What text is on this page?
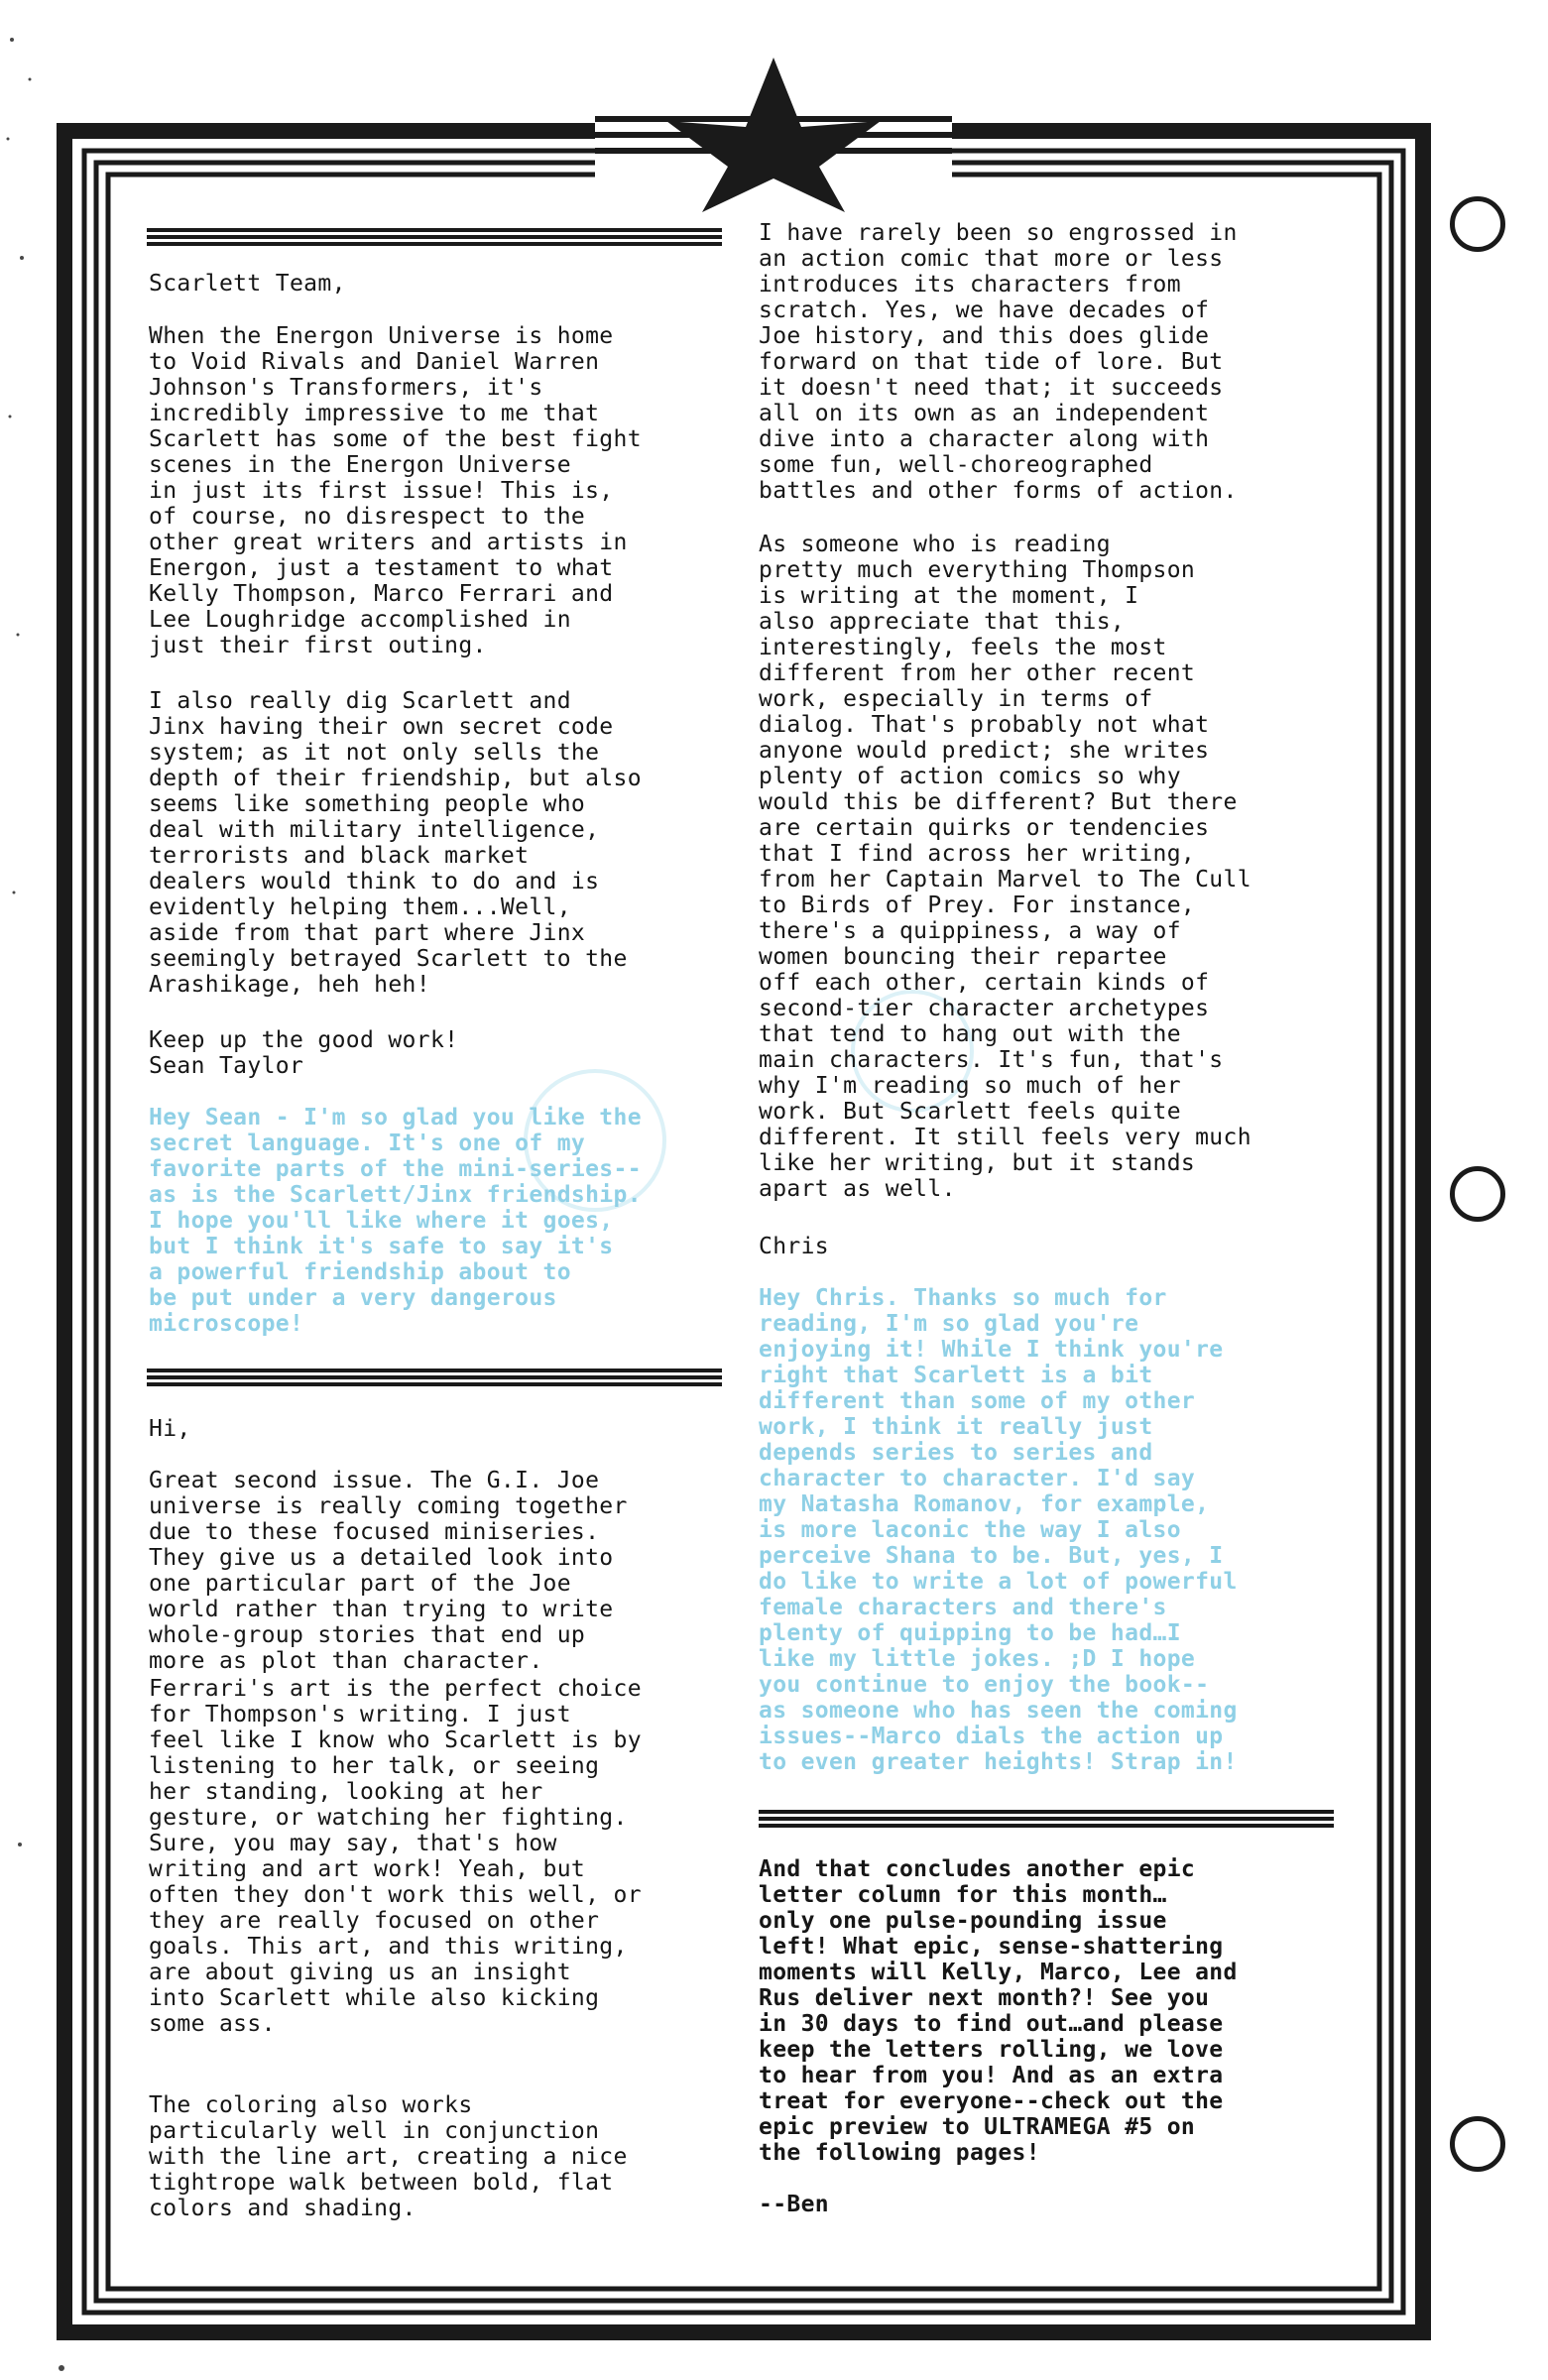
Scarlett Team,
When the Energon Universe is home
to Void Rivals and Daniel Warren
Johnson's Transformers, it's
incredibly impressive to me that
Scarlett has some of the best fight
scenes in the Energon Universe
in just its first issue! This is,
of course, no disrespect to the
other great writers and artists in
Energon, just a testament to what
Kelly Thompson, Marco Ferrari and
Lee Loughridge accomplished in
just their first outing.
I also really dig Scarlett and
Jinx having their own secret code
system; as it not only sells the
depth of their friendship, but also
seems like something people who
deal with military intelligence,
terrorists and black market
dealers would think to do and is
evidently helping them...Well,
aside from that part where Jinx
seemingly betrayed Scarlett to the
Arashikage, heh heh!
Keep up the good work!
Sean Taylor
Hey Sean - I'm so glad you like the
secret language. It's one of my
favorite parts of the mini-series--
as is the Scarlett/Jinx friendship.
I hope you'll like where it goes,
but I think it's safe to say it's
a powerful friendship about to
be put under a very dangerous
microscope!
Hi,
Great second issue. The G.I. Joe
universe is really coming together
due to these focused miniseries.
They give us a detailed look into
one particular part of the Joe
world rather than trying to write
whole-group stories that end up
more as plot than character.
Ferrari's art is the perfect choice
for Thompson's writing. I just
feel like I know who Scarlett is by
listening to her talk, or seeing
her standing, looking at her
gesture, or watching her fighting.
Sure, you may say, that's how
writing and art work! Yeah, but
often they don't work this well, or
they are really focused on other
goals. This art, and this writing,
are about giving us an insight
into Scarlett while also kicking
some ass.
The coloring also works
particularly well in conjunction
with the line art, creating a nice
tightrope walk between bold, flat
colors and shading.
I have rarely been so engrossed in
an action comic that more or less
introduces its characters from
scratch. Yes, we have decades of
Joe history, and this does glide
forward on that tide of lore. But
it doesn't need that; it succeeds
all on its own as an independent
dive into a character along with
some fun, well-choreographed
battles and other forms of action.
As someone who is reading
pretty much everything Thompson
is writing at the moment, I
also appreciate that this,
interestingly, feels the most
different from her other recent
work, especially in terms of
dialog. That's probably not what
anyone would predict; she writes
plenty of action comics so why
would this be different? But there
are certain quirks or tendencies
that I find across her writing,
from her Captain Marvel to The Cull
to Birds of Prey. For instance,
there's a quippiness, a way of
women bouncing their repartee
off each other, certain kinds of
second-tier character archetypes
that tend to hang out with the
main characters. It's fun, that's
why I'm reading so much of her
work. But Scarlett feels quite
different. It still feels very much
like her writing, but it stands
apart as well.
Chris
Hey Chris. Thanks so much for
reading, I'm so glad you're
enjoying it! While I think you're
right that Scarlett is a bit
different than some of my other
work, I think it really just
depends series to series and
character to character. I'd say
my Natasha Romanov, for example,
is more laconic the way I also
perceive Shana to be. But, yes, I
do like to write a lot of powerful
female characters and there's
plenty of quipping to be had…I
like my little jokes. ;D I hope
you continue to enjoy the book--
as someone who has seen the coming
issues--Marco dials the action up
to even greater heights! Strap in!
And that concludes another epic
letter column for this month…
only one pulse-pounding issue
left! What epic, sense-shattering
moments will Kelly, Marco, Lee and
Rus deliver next month?! See you
in 30 days to find out…and please
keep the letters rolling, we love
to hear from you! And as an extra
treat for everyone--check out the
epic preview to ULTRAMEGA #5 on
the following pages!
--Ben
